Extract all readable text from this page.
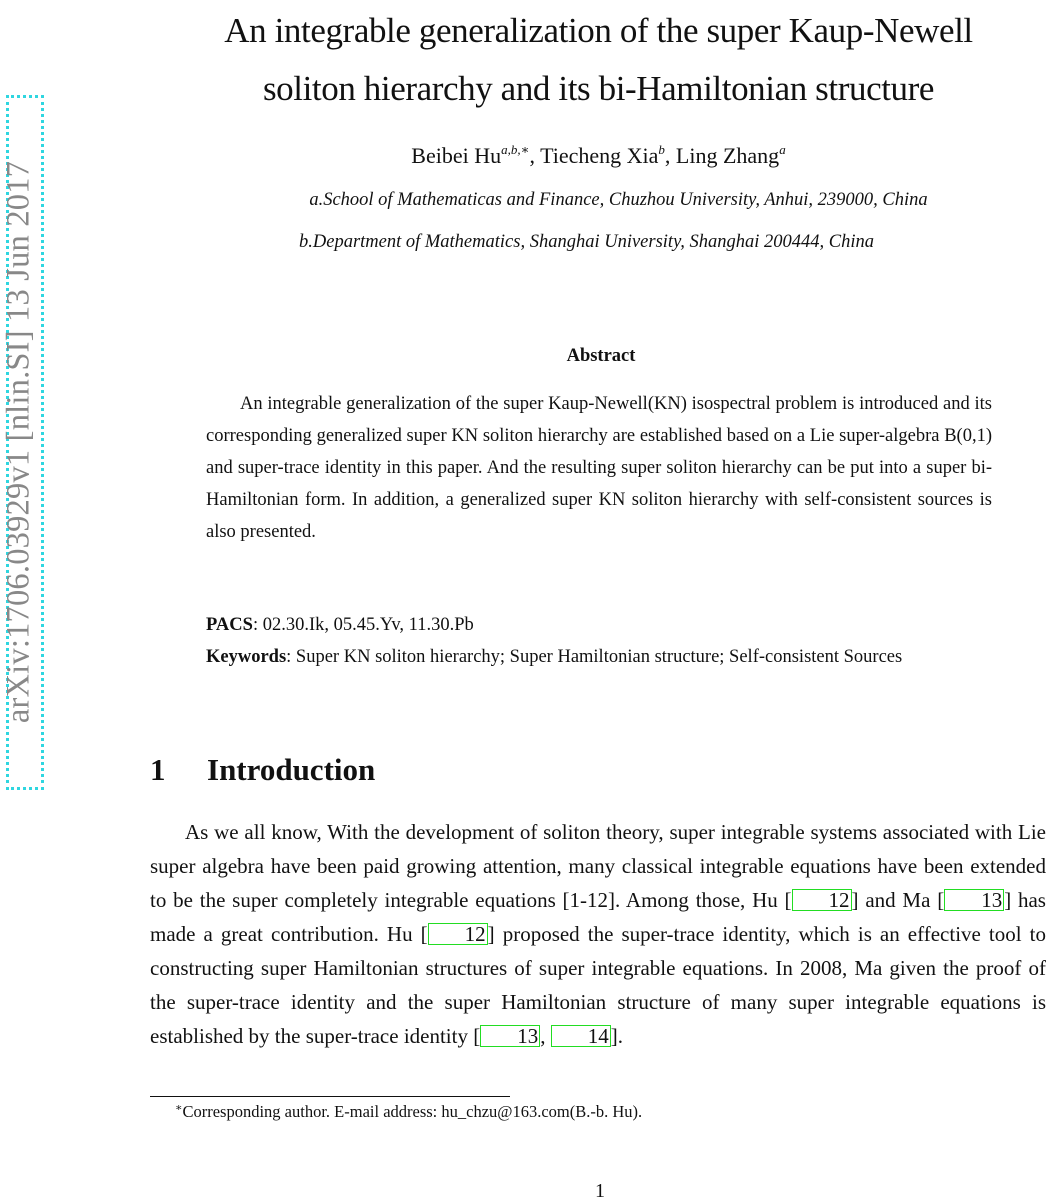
arXiv:1706.03929v1 [nlin.SI] 13 Jun 2017
An integrable generalization of the super Kaup-Newell
soliton hierarchy and its bi-Hamiltonian structure
Beibei $Hu^{a,b,∗}$, Tiecheng Xia$^b$, Ling Zhang$^a$
a.School of Mathematicas and Finance, Chuzhou University, Anhui, 239000, China
b.Department of Mathematics, Shanghai University, Shanghai 200444, China
Abstract

An integrable generalization of the super Kaup-Newell(KN) isospectral problem is introduced and its corresponding generalized super KN soliton hierarchy are established based on a Lie super-algebra B(0,1) and super-trace identity in this paper. And the resulting super soliton hierarchy can be put into a super bi-Hamiltonian form. In addition, a generalized super KN soliton hierarchy with self-consistent sources is also presented.

PACS: 02.30.Ik, 05.45.Yv, 11.30.Pb
Keywords: Super KN soliton hierarchy; Super Hamiltonian structure; Self-consistent Sources
1 Introduction

As we all know, With the development of soliton theory, super integrable systems associated with Lie super algebra have been paid growing attention, many classical integrable equations have been extended to be the super completely integrable equations [1-12]. Among those, Hu [ 12] and Ma [ 13] has made a great contribution. Hu [ 12] proposed the super-trace identity, which is an effective tool to constructing super Hamiltonian structures of super integrable equations. In 2008, Ma given the proof of the super-trace identity and the super Hamiltonian structure of many super integrable equations is established by the super-trace identity [ 13, 14].

∗Corresponding author. E-mail address: hu_chzu@163.com(B.-b. Hu).
1
